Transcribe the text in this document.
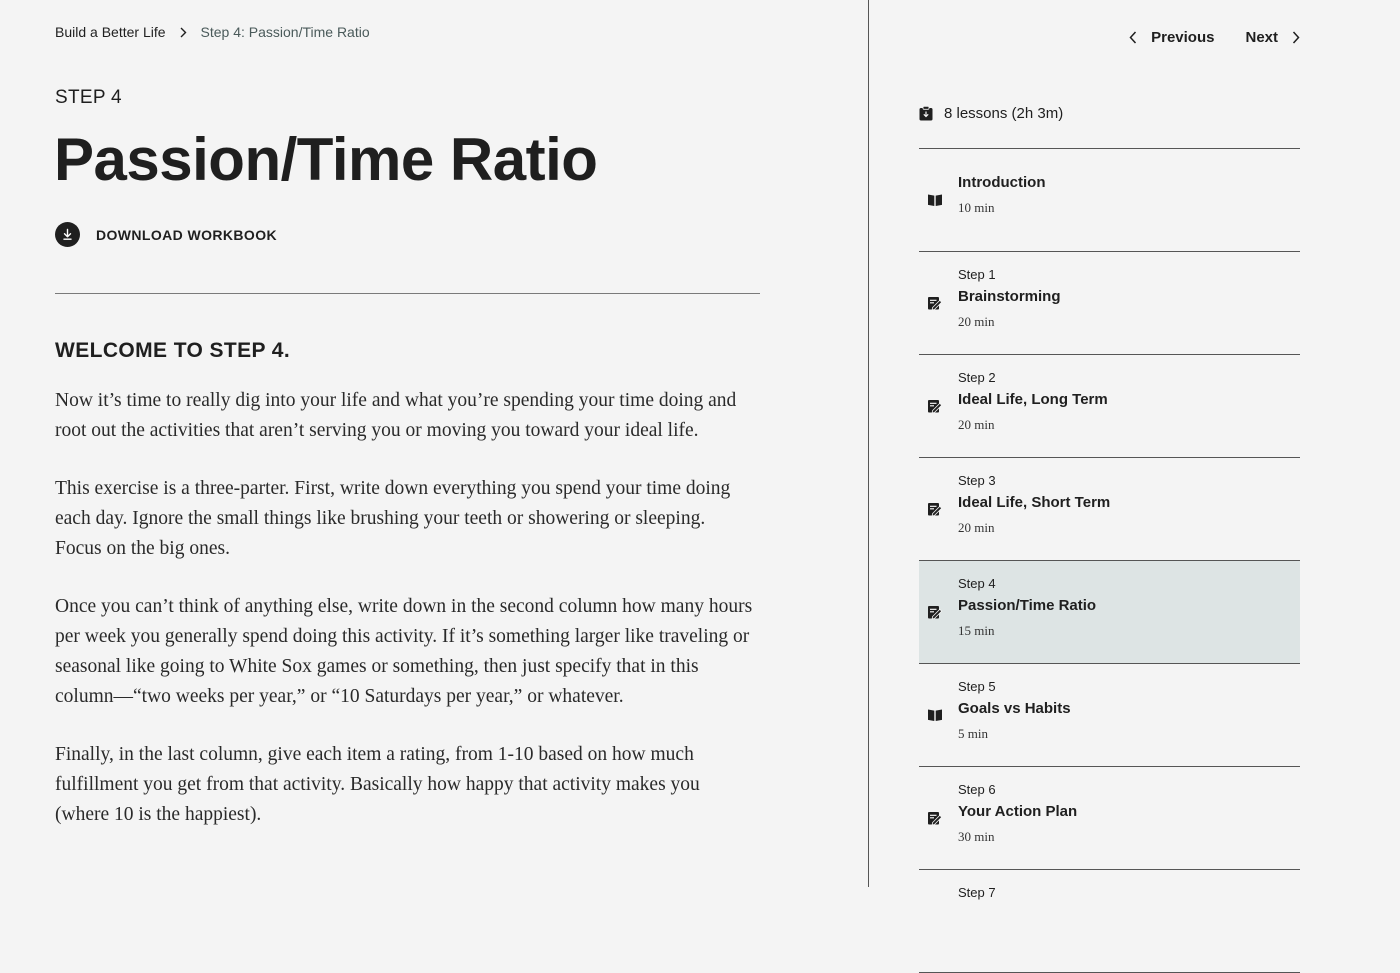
Build a Better Life	Step 4: Passion/Time Ratio
STEP 4
Passion/Time Ratio
DOWNLOAD WORKBOOK
WELCOME TO STEP 4.

Now it’s time to really dig into your life and what you’re spending your time doing and root out the activities that aren’t serving you or moving you toward your ideal life.

This exercise is a three-parter. First, write down everything you spend your time doing each day. Ignore the small things like brushing your teeth or showering or sleeping. Focus on the big ones.

Once you can’t think of anything else, write down in the second column how many hours per week you generally spend doing this activity. If it’s something larger like traveling or seasonal like going to White Sox games or something, then just specify that in this column—“two weeks per year,” or “10 Saturdays per year,” or whatever.

Finally, in the last column, give each item a rating, from 1-10 based on how much fulfillment you get from that activity. Basically how happy that activity makes you (where 10 is the happiest).

Previous Next
8 lessons (2h 3m)
Introduction
10 min
Step 1
Brainstorming
20 min
Step 2
Ideal Life, Long Term
20 min
Step 3
Ideal Life, Short Term
20 min
Step 4
Passion/Time Ratio
15 min
Step 5
Goals vs Habits
5 min
Step 6
Your Action Plan
30 min
Step 7
